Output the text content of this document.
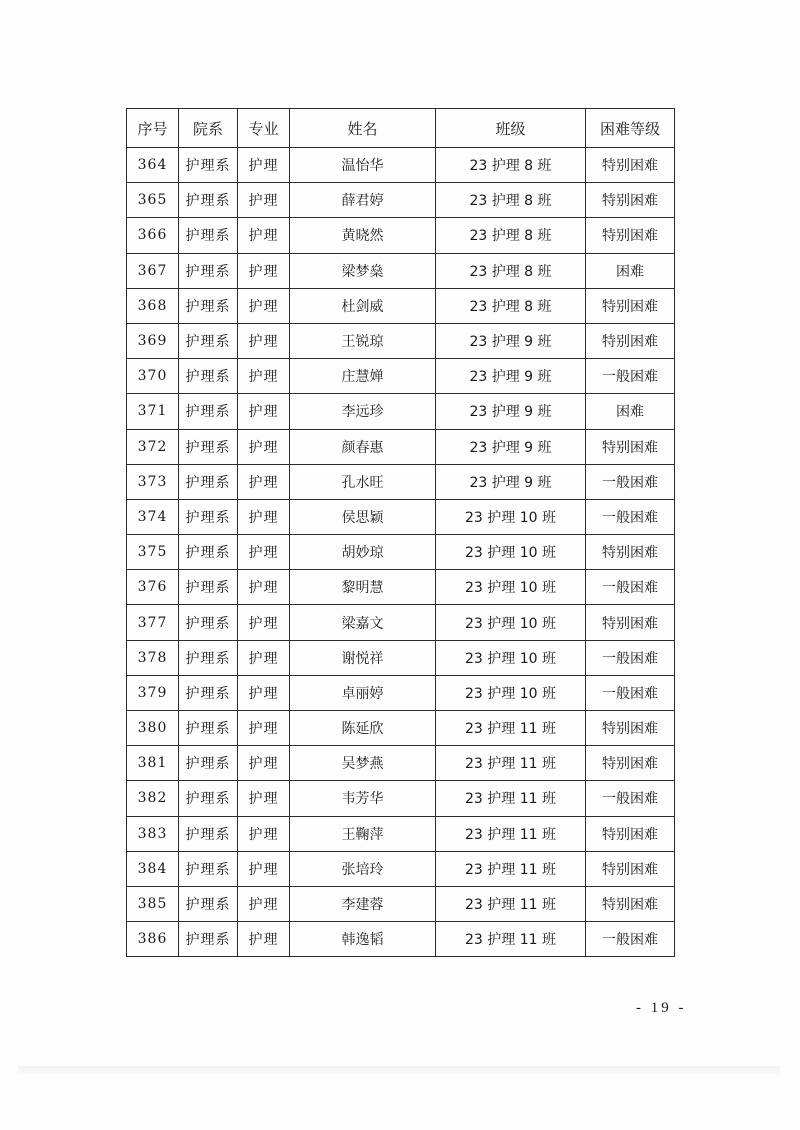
序号	院系	专业	姓名	班级	困难等级
364	护理系	护理	温怡华	23 护理 8 班	特别困难
365	护理系	护理	薛君婷	23 护理 8 班	特别困难
366	护理系	护理	黄晓然	23 护理 8 班	特别困难
367	护理系	护理	梁梦燊	23 护理 8 班	困难
368	护理系	护理	杜剑威	23 护理 8 班	特别困难
369	护理系	护理	王锐琼	23 护理 9 班	特别困难
370	护理系	护理	庄慧婵	23 护理 9 班	一般困难
371	护理系	护理	李远珍	23 护理 9 班	困难
372	护理系	护理	颜春惠	23 护理 9 班	特别困难
373	护理系	护理	孔水旺	23 护理 9 班	一般困难
374	护理系	护理	侯思颖	23 护理 10 班	一般困难
375	护理系	护理	胡妙琼	23 护理 10 班	特别困难
376	护理系	护理	黎明慧	23 护理 10 班	一般困难
377	护理系	护理	梁嘉文	23 护理 10 班	特别困难
378	护理系	护理	谢悦祥	23 护理 10 班	一般困难
379	护理系	护理	卓丽婷	23 护理 10 班	一般困难
380	护理系	护理	陈延欣	23 护理 11 班	特别困难
381	护理系	护理	吴梦燕	23 护理 11 班	特别困难
382	护理系	护理	韦芳华	23 护理 11 班	一般困难
383	护理系	护理	王鞠萍	23 护理 11 班	特别困难
384	护理系	护理	张培玲	23 护理 11 班	特别困难
385	护理系	护理	李建蓉	23 护理 11 班	特别困难
386	护理系	护理	韩逸韬	23 护理 11 班	一般困难
- 19 -
